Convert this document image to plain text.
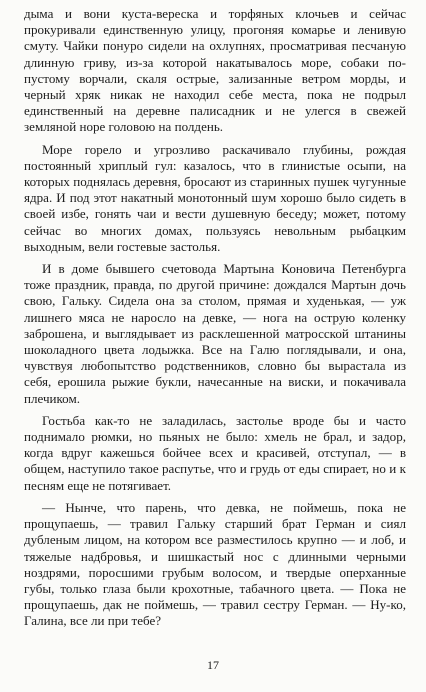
дыма и вони куста-вереска и торфяных клочьев и сейчас прокуривали единственную улицу, прогоняя комарье и ленивую смуту. Чайки понуро сидели на охлупнях, просматривая песчаную длинную гриву, из-за которой накатывалось море, собаки по-пустому ворчали, скаля острые, зализанные ветром морды, и черный хряк никак не находил себе места, пока не подрыл единственный на деревне палисадник и не улегся в свежей земляной норе головою на полдень.

Море горело и угрозливо раскачивало глубины, рождая постоянный хриплый гул: казалось, что в глинистые осыпи, на которых поднялась деревня, бросают из старинных пушек чугунные ядра. И под этот накатный монотонный шум хорошо было сидеть в своей избе, гонять чаи и вести душевную беседу; может, потому сейчас во многих домах, пользуясь невольным рыбацким выходным, вели гостевые застолья.

И в доме бывшего счетовода Мартына Коновича Петенбурга тоже праздник, правда, по другой причине: дождался Мартын дочь свою, Гальку. Сидела она за столом, прямая и худенькая, — уж лишнего мяса не наросло на девке, — нога на острую коленку заброшена, и выглядывает из расклешенной матросской штанины шоколадного цвета лодыжка. Все на Галю поглядывали, и она, чувствуя любопытство родственников, словно бы вырастала из себя, ерошила рыжие букли, начесанные на виски, и покачивала плечиком.

Гостьба как-то не заладилась, застолье вроде бы и часто поднимало рюмки, но пьяных не было: хмель не брал, и задор, когда вдруг кажешься бойчее всех и красивей, отступал, — в общем, наступило такое распутье, что и грудь от еды спирает, но и к песням еще не потягивает.

— Нынче, что парень, что девка, не поймешь, пока не прощупаешь, — травил Гальку старший брат Герман и сиял дубленым лицом, на котором все разместилось крупно — и лоб, и тяжелые надбровья, и шишкастый нос с длинными черными ноздрями, поросшими грубым волосом, и твердые оперханные губы, только глаза были крохотные, табачного цвета. — Пока не прощупаешь, дак не поймешь, — травил сестру Герман. — Ну-ко, Галина, все ли при тебе?

17
